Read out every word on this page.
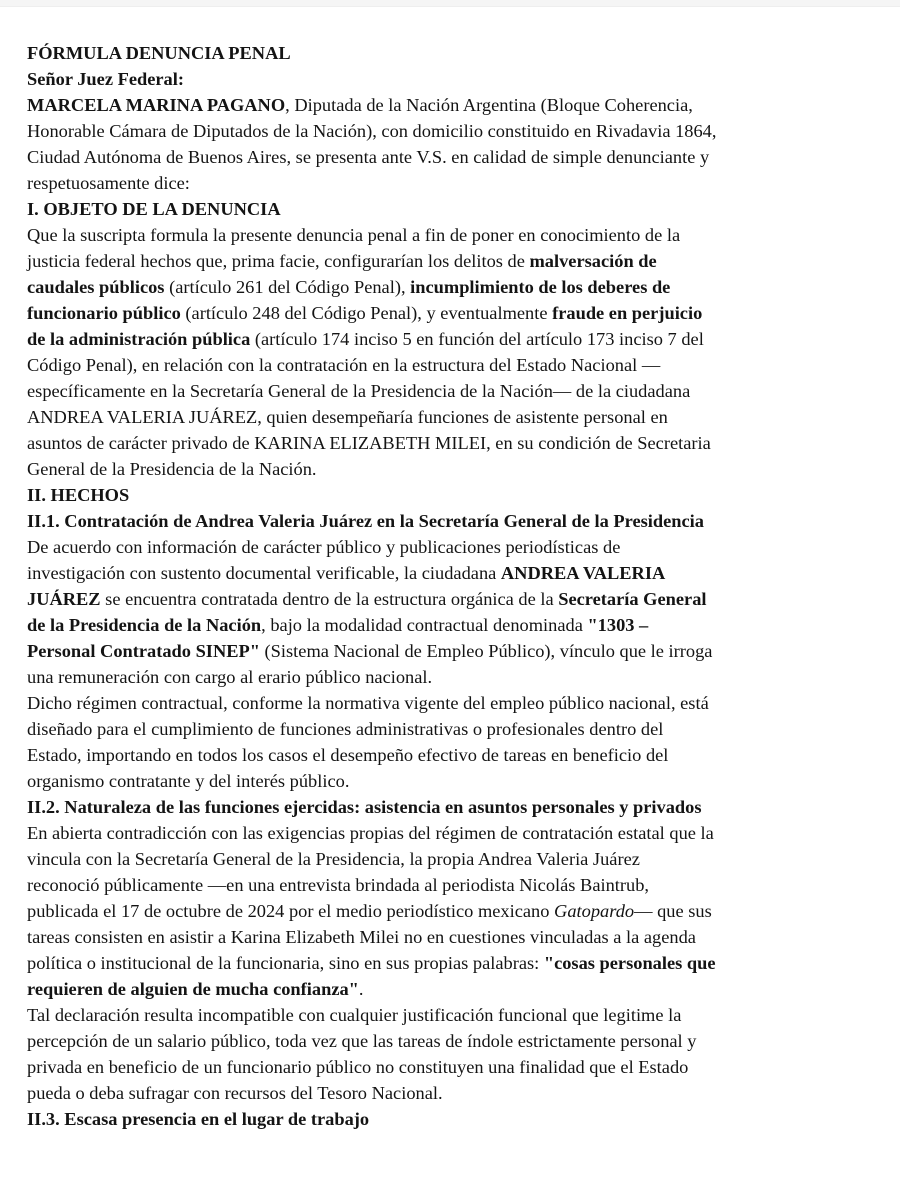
FÓRMULA DENUNCIA PENAL
Señor Juez Federal:

MARCELA MARINA PAGANO, Diputada de la Nación Argentina (Bloque Coherencia,
Honorable Cámara de Diputados de la Nación), con domicilio constituido en Rivadavia 1864,
Ciudad Autónoma de Buenos Aires, se presenta ante V.S. en calidad de simple denunciante y
respetuosamente dice:

I. OBJETO DE LA DENUNCIA

Que la suscripta formula la presente denuncia penal a fin de poner en conocimiento de la
justicia federal hechos que, prima facie, configurarían los delitos de malversación de
caudales públicos (artículo 261 del Código Penal), incumplimiento de los deberes de
funcionario público (artículo 248 del Código Penal), y eventualmente fraude en perjuicio
de la administración pública (artículo 174 inciso 5 en función del artículo 173 inciso 7 del
Código Penal), en relación con la contratación en la estructura del Estado Nacional —
específicamente en la Secretaría General de la Presidencia de la Nación— de la ciudadana
ANDREA VALERIA JUÁREZ, quien desempeñaría funciones de asistente personal en
asuntos de carácter privado de KARINA ELIZABETH MILEI, en su condición de Secretaria
General de la Presidencia de la Nación.

II. HECHOS
II.1. Contratación de Andrea Valeria Juárez en la Secretaría General de la Presidencia

De acuerdo con información de carácter público y publicaciones periodísticas de
investigación con sustento documental verificable, la ciudadana ANDREA VALERIA
JUÁREZ se encuentra contratada dentro de la estructura orgánica de la Secretaría General
de la Presidencia de la Nación, bajo la modalidad contractual denominada "1303 –
Personal Contratado SINEP" (Sistema Nacional de Empleo Público), vínculo que le irroga
una remuneración con cargo al erario público nacional.

Dicho régimen contractual, conforme la normativa vigente del empleo público nacional, está
diseñado para el cumplimiento de funciones administrativas o profesionales dentro del
Estado, importando en todos los casos el desempeño efectivo de tareas en beneficio del
organismo contratante y del interés público.

II.2. Naturaleza de las funciones ejercidas: asistencia en asuntos personales y privados

En abierta contradicción con las exigencias propias del régimen de contratación estatal que la
vincula con la Secretaría General de la Presidencia, la propia Andrea Valeria Juárez
reconoció públicamente —en una entrevista brindada al periodista Nicolás Baintrub,
publicada el 17 de octubre de 2024 por el medio periodístico mexicano Gatopardo— que sus
tareas consisten en asistir a Karina Elizabeth Milei no en cuestiones vinculadas a la agenda
política o institucional de la funcionaria, sino en sus propias palabras: "cosas personales que
requieren de alguien de mucha confianza".

Tal declaración resulta incompatible con cualquier justificación funcional que legitime la
percepción de un salario público, toda vez que las tareas de índole estrictamente personal y
privada en beneficio de un funcionario público no constituyen una finalidad que el Estado
pueda o deba sufragar con recursos del Tesoro Nacional.

II.3. Escasa presencia en el lugar de trabajo
